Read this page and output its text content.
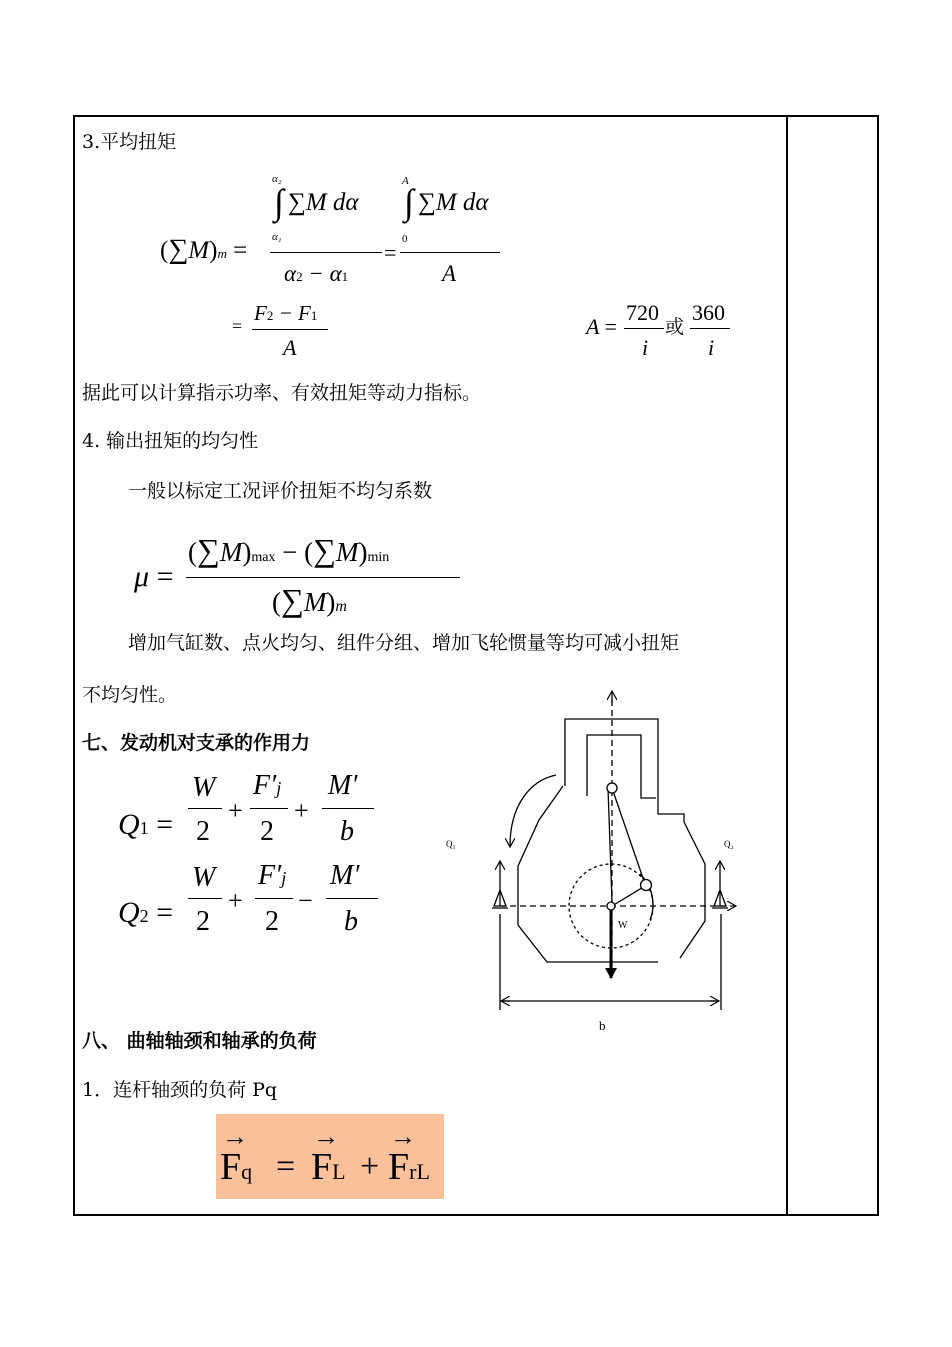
3.平均扭矩
(∑M)m =
α₂
∫ ∑M dα
α₁
α2 − α1
=
A
∫ ∑M dα
0
A
=
F2 − F1
A
A =
720
i
或
360
i
据此可以计算指示功率、有效扭矩等动力指标。
4. 输出扭矩的均匀性
一般以标定工况评价扭矩不均匀系数
μ =
(∑M)max − (∑M)min
(∑M)m
增加气缸数、点火均匀、组件分组、增加飞轮惯量等均可减小扭矩
不均匀性。
七、发动机对支承的作用力
Q1 =
W
2
+
F′j
2
+
M′
b
Q2 =
W
2
+
F′j
2
−
M′
b
Q₁	Q₂
W
b
八、 曲轴轴颈和轴承的负荷
1．连杆轴颈的负荷 Pq
→
Fq =
→
FL +
→
FrL
